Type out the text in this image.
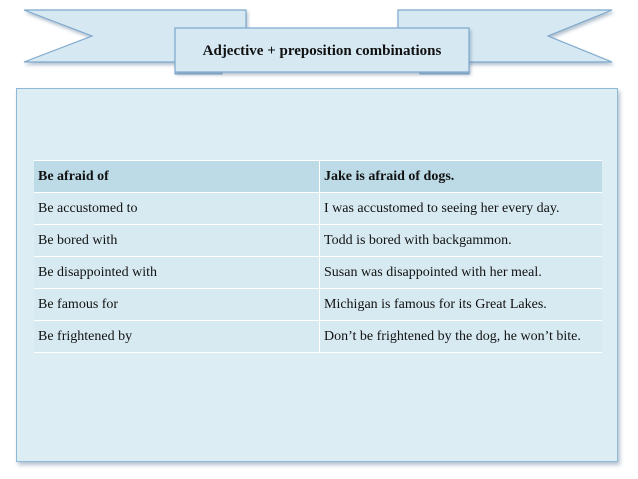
Adjective + preposition combinations
Be afraid of	Jake is afraid of dogs.
Be accustomed to	I was accustomed to seeing her every day.
Be bored with	Todd is bored with backgammon.
Be disappointed with	Susan was disappointed with her meal.
Be famous for	Michigan is famous for its Great Lakes.
Be frightened by	Don’t be frightened by the dog, he won’t bite.
